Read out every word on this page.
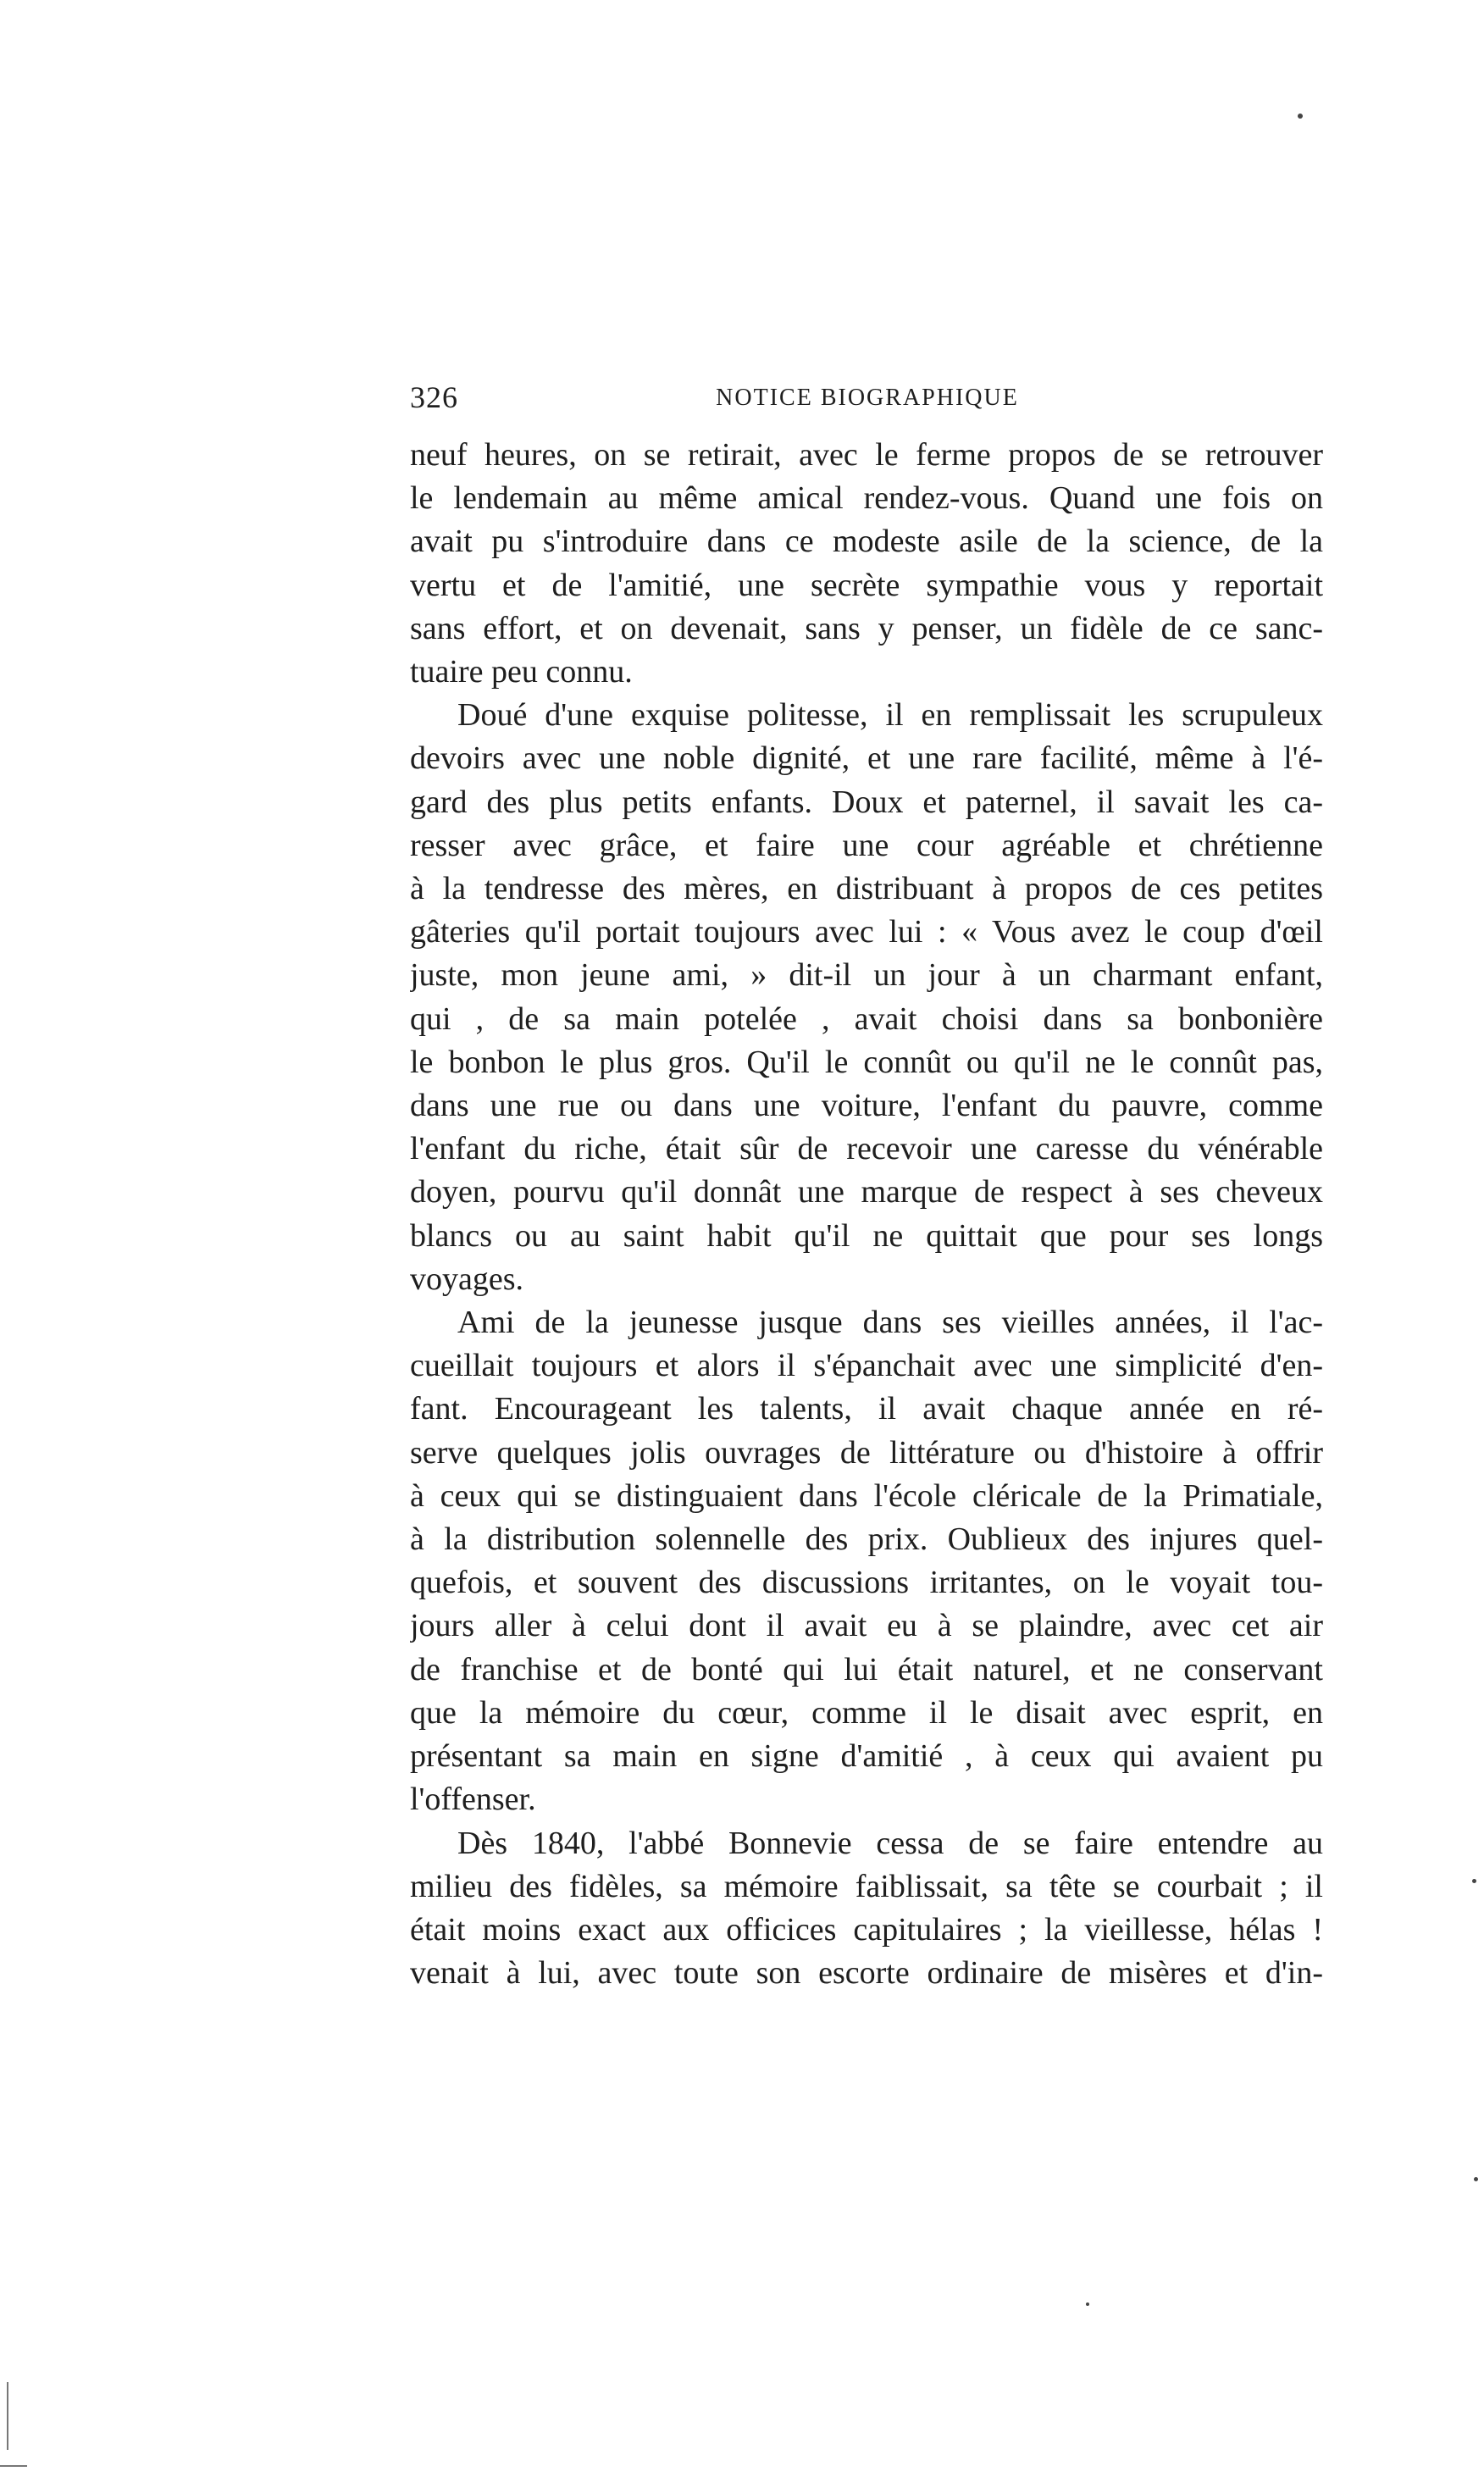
326	NOTICE BIOGRAPHIQUE
neuf heures, on se retirait, avec le ferme propos de se retrouver
le lendemain au même amical rendez-vous. Quand une fois on
avait pu s'introduire dans ce modeste asile de la science, de la
vertu et de l'amitié, une secrète sympathie vous y reportait
sans effort, et on devenait, sans y penser, un fidèle de ce sanc-
tuaire peu connu.
Doué d'une exquise politesse, il en remplissait les scrupuleux
devoirs avec une noble dignité, et une rare facilité, même à l'é-
gard des plus petits enfants. Doux et paternel, il savait les ca-
resser avec grâce, et faire une cour agréable et chrétienne
à la tendresse des mères, en distribuant à propos de ces petites
gâteries qu'il portait toujours avec lui : « Vous avez le coup d'œil
juste, mon jeune ami, » dit-il un jour à un charmant enfant,
qui , de sa main potelée , avait choisi dans sa bonbonière
le bonbon le plus gros. Qu'il le connût ou qu'il ne le connût pas,
dans une rue ou dans une voiture, l'enfant du pauvre, comme
l'enfant du riche, était sûr de recevoir une caresse du vénérable
doyen, pourvu qu'il donnât une marque de respect à ses cheveux
blancs ou au saint habit qu'il ne quittait que pour ses longs
voyages.
Ami de la jeunesse jusque dans ses vieilles années, il l'ac-
cueillait toujours et alors il s'épanchait avec une simplicité d'en-
fant. Encourageant les talents, il avait chaque année en ré-
serve quelques jolis ouvrages de littérature ou d'histoire à offrir
à ceux qui se distinguaient dans l'école cléricale de la Primatiale,
à la distribution solennelle des prix. Oublieux des injures quel-
quefois, et souvent des discussions irritantes, on le voyait tou-
jours aller à celui dont il avait eu à se plaindre, avec cet air
de franchise et de bonté qui lui était naturel, et ne conservant
que la mémoire du cœur, comme il le disait avec esprit, en
présentant sa main en signe d'amitié , à ceux qui avaient pu
l'offenser.
Dès 1840, l'abbé Bonnevie cessa de se faire entendre au
milieu des fidèles, sa mémoire faiblissait, sa tête se courbait ; il
était moins exact aux officices capitulaires ; la vieillesse, hélas !
venait à lui, avec toute son escorte ordinaire de misères et d'in-
